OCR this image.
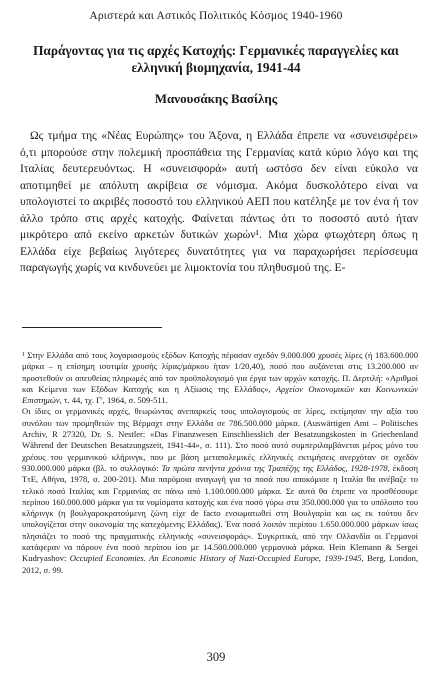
Αριστερά και Αστικός Πολιτικός Κόσμος 1940-1960
Παράγοντας για τις αρχές Κατοχής: Γερμανικές παραγγελίες και ελληνική βιομηχανία, 1941-44
Μανουσάκης Βασίλης

Ως τμήμα της «Νέας Ευρώπης» του Άξονα, η Ελλάδα έπρεπε να «συνεισφέρει» ό,τι μπορούσε στην πολεμική προσπάθεια της Γερμανίας κατά κύριο λόγο και της Ιταλίας δευτερευόντως. Η «συνεισφορά» αυτή ωστόσο δεν είναι εύκολο να αποτιμηθεί με απόλυτη ακρίβεια σε νόμισμα. Ακόμα δυσκολότερο είναι να υπολογιστεί το ακριβές ποσοστό του ελληνικού ΑΕΠ που κατέληξε με τον ένα ή τον άλλο τρόπο στις αρχές κατοχής. Φαίνεται πάντως ότι το ποσοστό αυτό ήταν μικρότερο από εκείνο αρκετών δυτικών χωρών¹. Μια χώρα φτωχότερη όπως η Ελλάδα είχε βεβαίως λιγότερες δυνατότητες για να παραχωρήσει περίσσευμα παραγωγής χωρίς να κινδυνεύει με λιμοκτονία του πληθυσμού της. Ε-

¹ Στην Ελλάδα από τους λογαριασμούς εξόδων Κατοχής πέρασαν σχεδόν 9.000.000 χρυσές λίρες (ή 183.600.000 μάρκα – η επίσημη ισοτιμία χρυσής λίρας/μάρκου ήταν 1/20,40), ποσό που αυξάνεται στις 13.200.000 αν προστεθούν οι απευθείας πληρωμές από τον προϋπολογισμό για έργα των αρχών κατοχής. Π. Δερτιλή: «Αριθμοί και Κείμενα των Εξόδων Κατοχής και η Αξίωσις της Ελλάδος», Αρχείον Οικονομικών και Κοινωνικών Επιστημών, τ. 44, τχ. Γ', 1964, σ. 509-511.
Οι ίδιες οι γερμανικές αρχές, θεωρώντας ανεπαρκείς τους υπολογισμούς σε λίρες, εκτίμησαν την αξία του συνόλου των προμηθειών της Βέρμαχτ στην Ελλάδα σε 786.500.000 μάρκα. (Auswärtigen Amt – Politisches Archiv, R 27320, Dr. S. Nestler: «Das Finanzwesen Einschliesslich der Besatzungskosten in Griechenland Während der Deutschen Besatzungszeit, 1941-44», σ. 111). Στο ποσό αυτό συμπεριλαμβάνεται μέρος μόνο του χρέους του γερμανικού κλήρινγκ, που με βάση μεταπολεμικές ελληνικές εκτιμήσεις ανερχόταν σε σχεδόν 930.000.000 μάρκα (βλ. το συλλογικό: Τα πρώτα πενήντα χρόνια της Τραπέζης της Ελλάδος, 1928-1978, έκδοση ΤτΕ, Αθήνα, 1978, σ. 200-201). Μια παρόμοια αναγωγή για τα ποσά που αποκόμισε η Ιταλία θα ανέβαζε το τελικό ποσό Ιταλίας και Γερμανίας σε πάνω από 1.100.000.000 μάρκα. Σε αυτά θα έπρεπε να προσθέσουμε περίπου 160.000.000 μάρκα για τα νομίσματα κατοχής και ένα ποσό γύρω στα 350.000.000 για το υπόλοιπο του κλήρινγκ (η βουλγαροκρατούμενη ζώνη είχε de facto ενσωματωθεί στη Βουλγαρία και ως εκ τούτου δεν υπολογίζεται στην οικονομία της κατεχόμενης Ελλάδας). Ένα ποσό λοιπόν περίπου 1.650.000.000 μάρκων ίσως πλησιάζει το ποσό της πραγματικής ελληνικής «συνεισφοράς». Συγκριτικά, από την Ολλανδία οι Γερμανοί κατάφεραν να πάρουν ένα ποσό περίπου ίσο με 14.500.000.000 γερμανικά μάρκα. Hein Klemann & Sergei Kudryashov: Occupied Economies. An Economic History of Nazi-Occupied Europe, 1939-1945, Berg, London, 2012, σ. 99.
309
